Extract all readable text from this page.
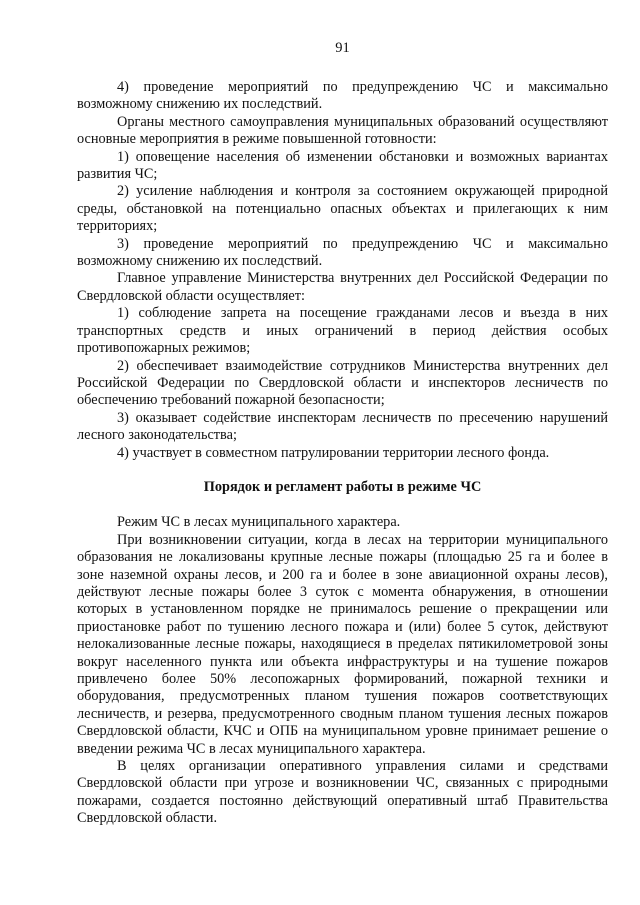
91

4) проведение мероприятий по предупреждению ЧС и максимально возможному снижению их последствий.

Органы местного самоуправления муниципальных образований осуществляют основные мероприятия в режиме повышенной готовности:

1) оповещение населения об изменении обстановки и возможных вариантах развития ЧС;

2) усиление наблюдения и контроля за состоянием окружающей природной среды, обстановкой на потенциально опасных объектах и прилегающих к ним территориях;

3) проведение мероприятий по предупреждению ЧС и максимально возможному снижению их последствий.

Главное управление Министерства внутренних дел Российской Федерации по Свердловской области осуществляет:

1) соблюдение запрета на посещение гражданами лесов и въезда в них транспортных средств и иных ограничений в период действия особых противопожарных режимов;

2) обеспечивает взаимодействие сотрудников Министерства внутренних дел Российской Федерации по Свердловской области и инспекторов лесничеств по обеспечению требований пожарной безопасности;

3) оказывает содействие инспекторам лесничеств по пресечению нарушений лесного законодательства;

4) участвует в совместном патрулировании территории лесного фонда.

Порядок и регламент работы в режиме ЧС

Режим ЧС в лесах муниципального характера.

При возникновении ситуации, когда в лесах на территории муниципального образования не локализованы крупные лесные пожары (площадью 25 га и более в зоне наземной охраны лесов, и 200 га и более в зоне авиационной охраны лесов), действуют лесные пожары более 3 суток с момента обнаружения, в отношении которых в установленном порядке не принималось решение о прекращении или приостановке работ по тушению лесного пожара и (или) более 5 суток, действуют нелокализованные лесные пожары, находящиеся в пределах пятикилометровой зоны вокруг населенного пункта или объекта инфраструктуры и на тушение пожаров привлечено более 50% лесопожарных формирований, пожарной техники и оборудования, предусмотренных планом тушения пожаров соответствующих лесничеств, и резерва, предусмотренного сводным планом тушения лесных пожаров Свердловской области, КЧС и ОПБ на муниципальном уровне принимает решение о введении режима ЧС в лесах муниципального характера.

В целях организации оперативного управления силами и средствами Свердловской области при угрозе и возникновении ЧС, связанных с природными пожарами, создается постоянно действующий оперативный штаб Правительства Свердловской области.
